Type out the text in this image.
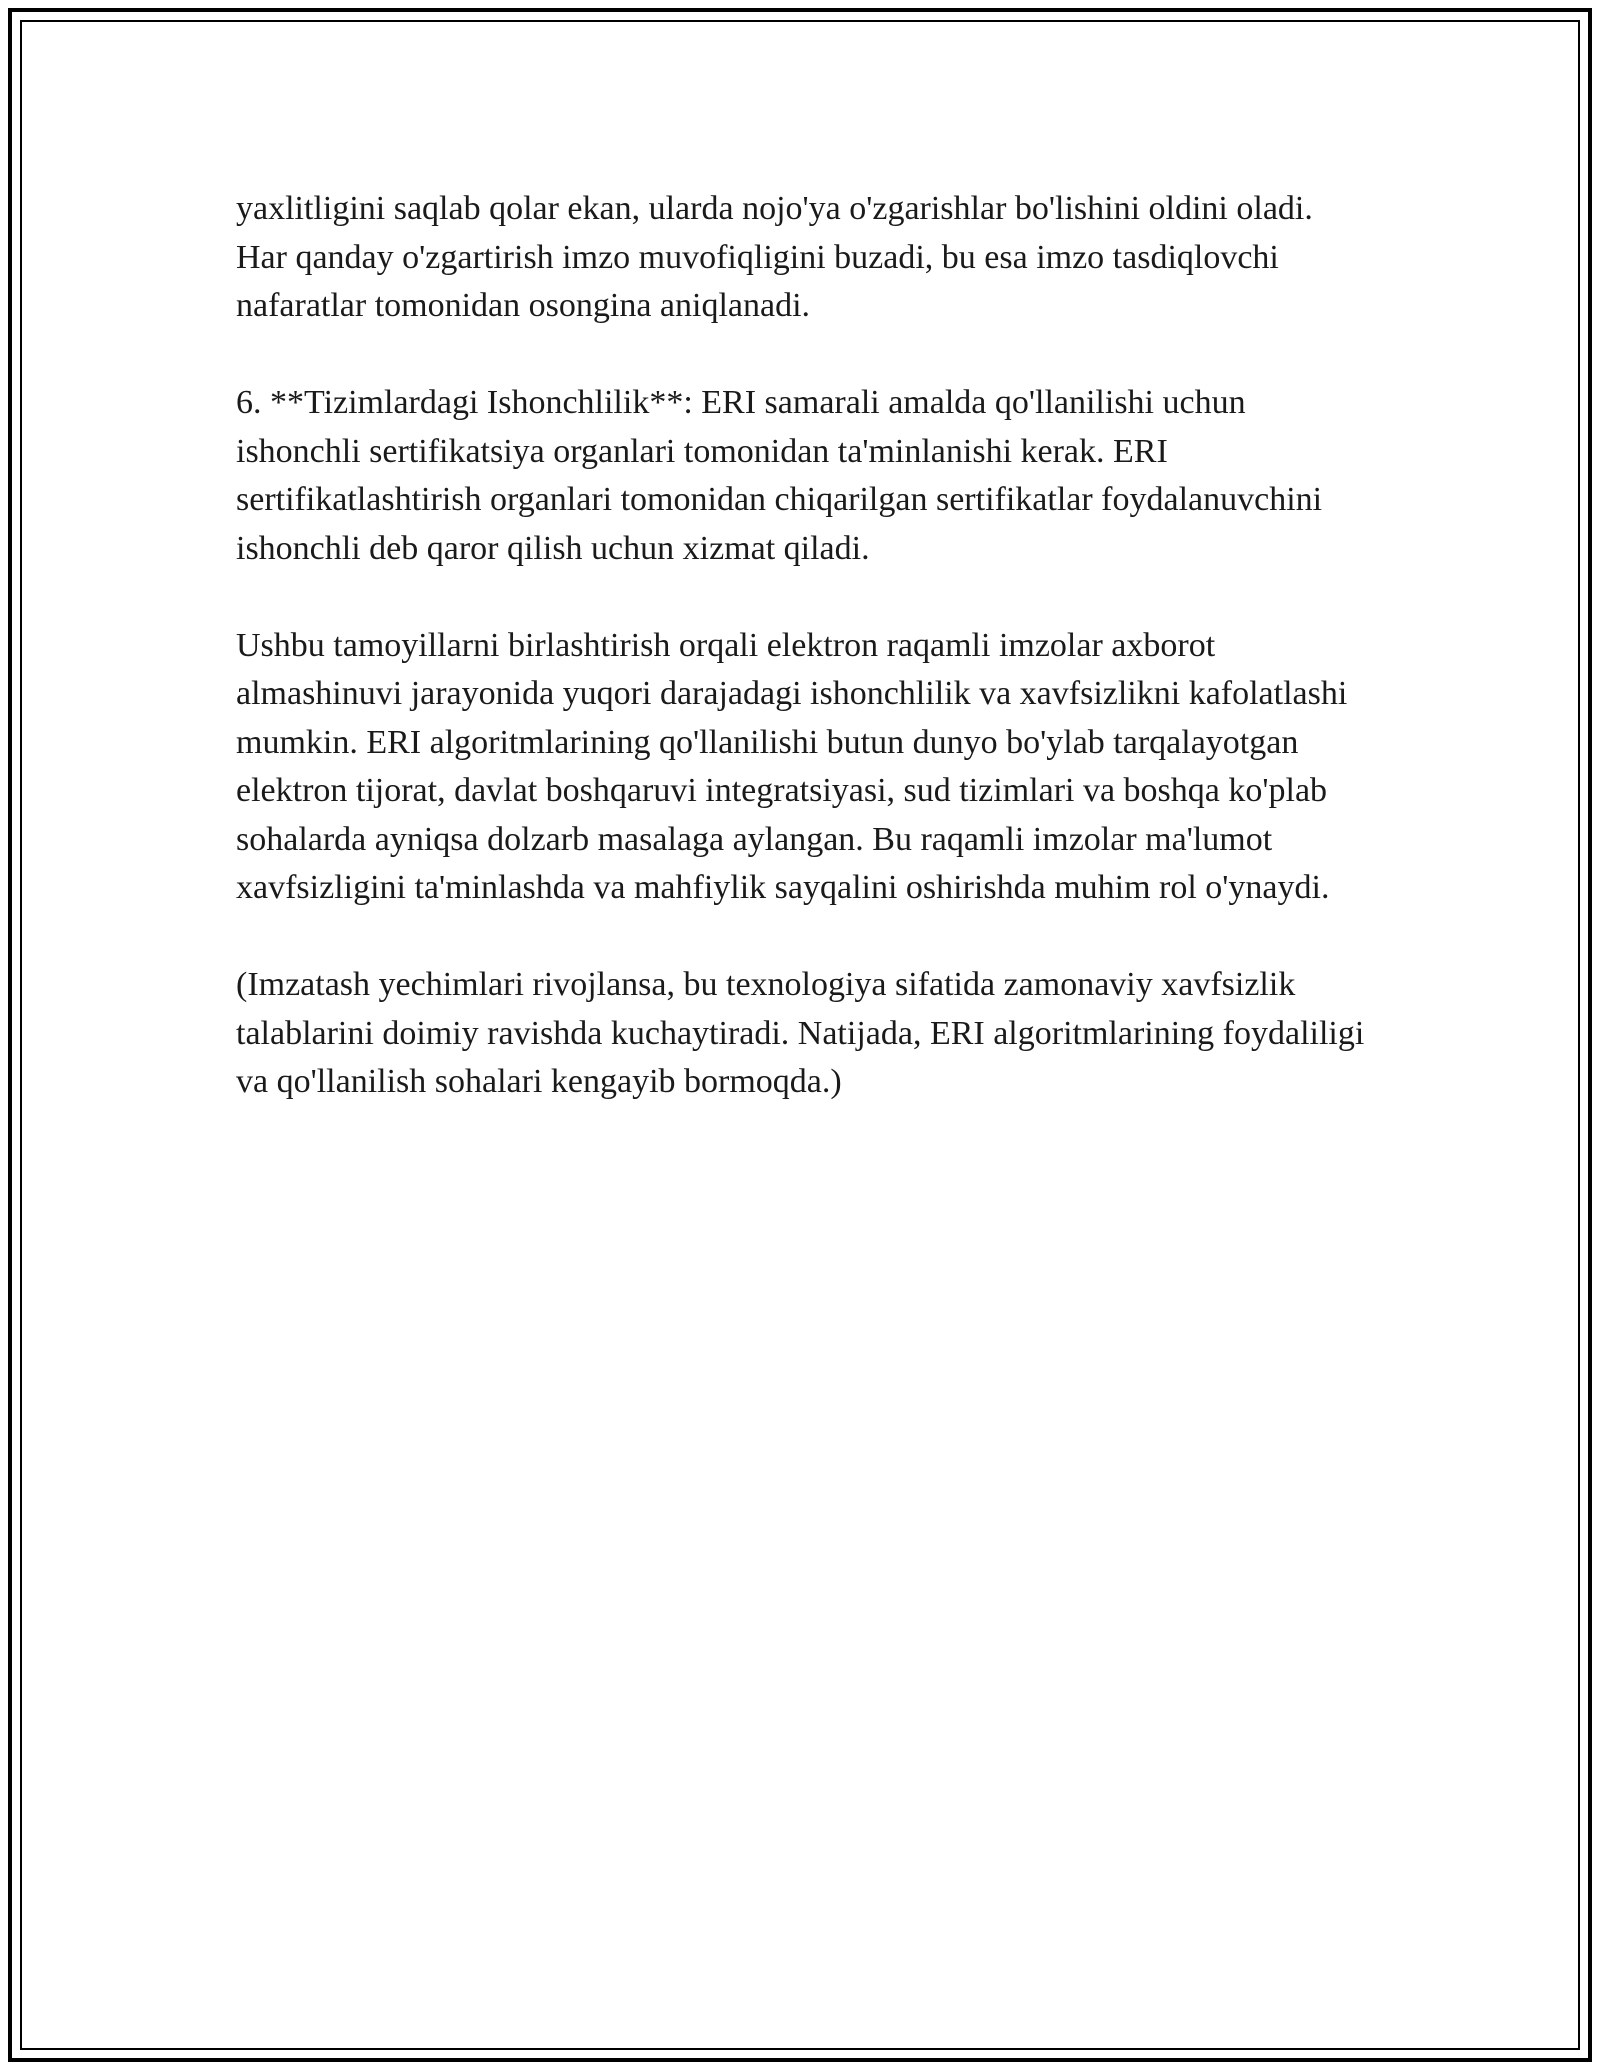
yaxlitligini saqlab qolar ekan, ularda nojo'ya o'zgarishlar bo'lishini oldini oladi. Har qanday o'zgartirish imzo muvofiqligini buzadi, bu esa imzo tasdiqlovchi nafaratlar tomonidan osongina aniqlanadi.

6. **Tizimlardagi Ishonchlilik**: ERI samarali amalda qo'llanilishi uchun ishonchli sertifikatsiya organlari tomonidan ta'minlanishi kerak. ERI sertifikatlashtirish organlari tomonidan chiqarilgan sertifikatlar foydalanuvchini ishonchli deb qaror qilish uchun xizmat qiladi.

Ushbu tamoyillarni birlashtirish orqali elektron raqamli imzolar axborot almashinuvi jarayonida yuqori darajadagi ishonchlilik va xavfsizlikni kafolatlashi mumkin. ERI algoritmlarining qo'llanilishi butun dunyo bo'ylab tarqalayotgan elektron tijorat, davlat boshqaruvi integratsiyasi, sud tizimlari va boshqa ko'plab sohalarda ayniqsa dolzarb masalaga aylangan. Bu raqamli imzolar ma'lumot xavfsizligini ta'minlashda va mahfiylik sayqalini oshirishda muhim rol o'ynaydi.

(Imzatash yechimlari rivojlansa, bu texnologiya sifatida zamonaviy xavfsizlik talablarini doimiy ravishda kuchaytiradi. Natijada, ERI algoritmlarining foydaliligi va qo'llanilish sohalari kengayib bormoqda.)
